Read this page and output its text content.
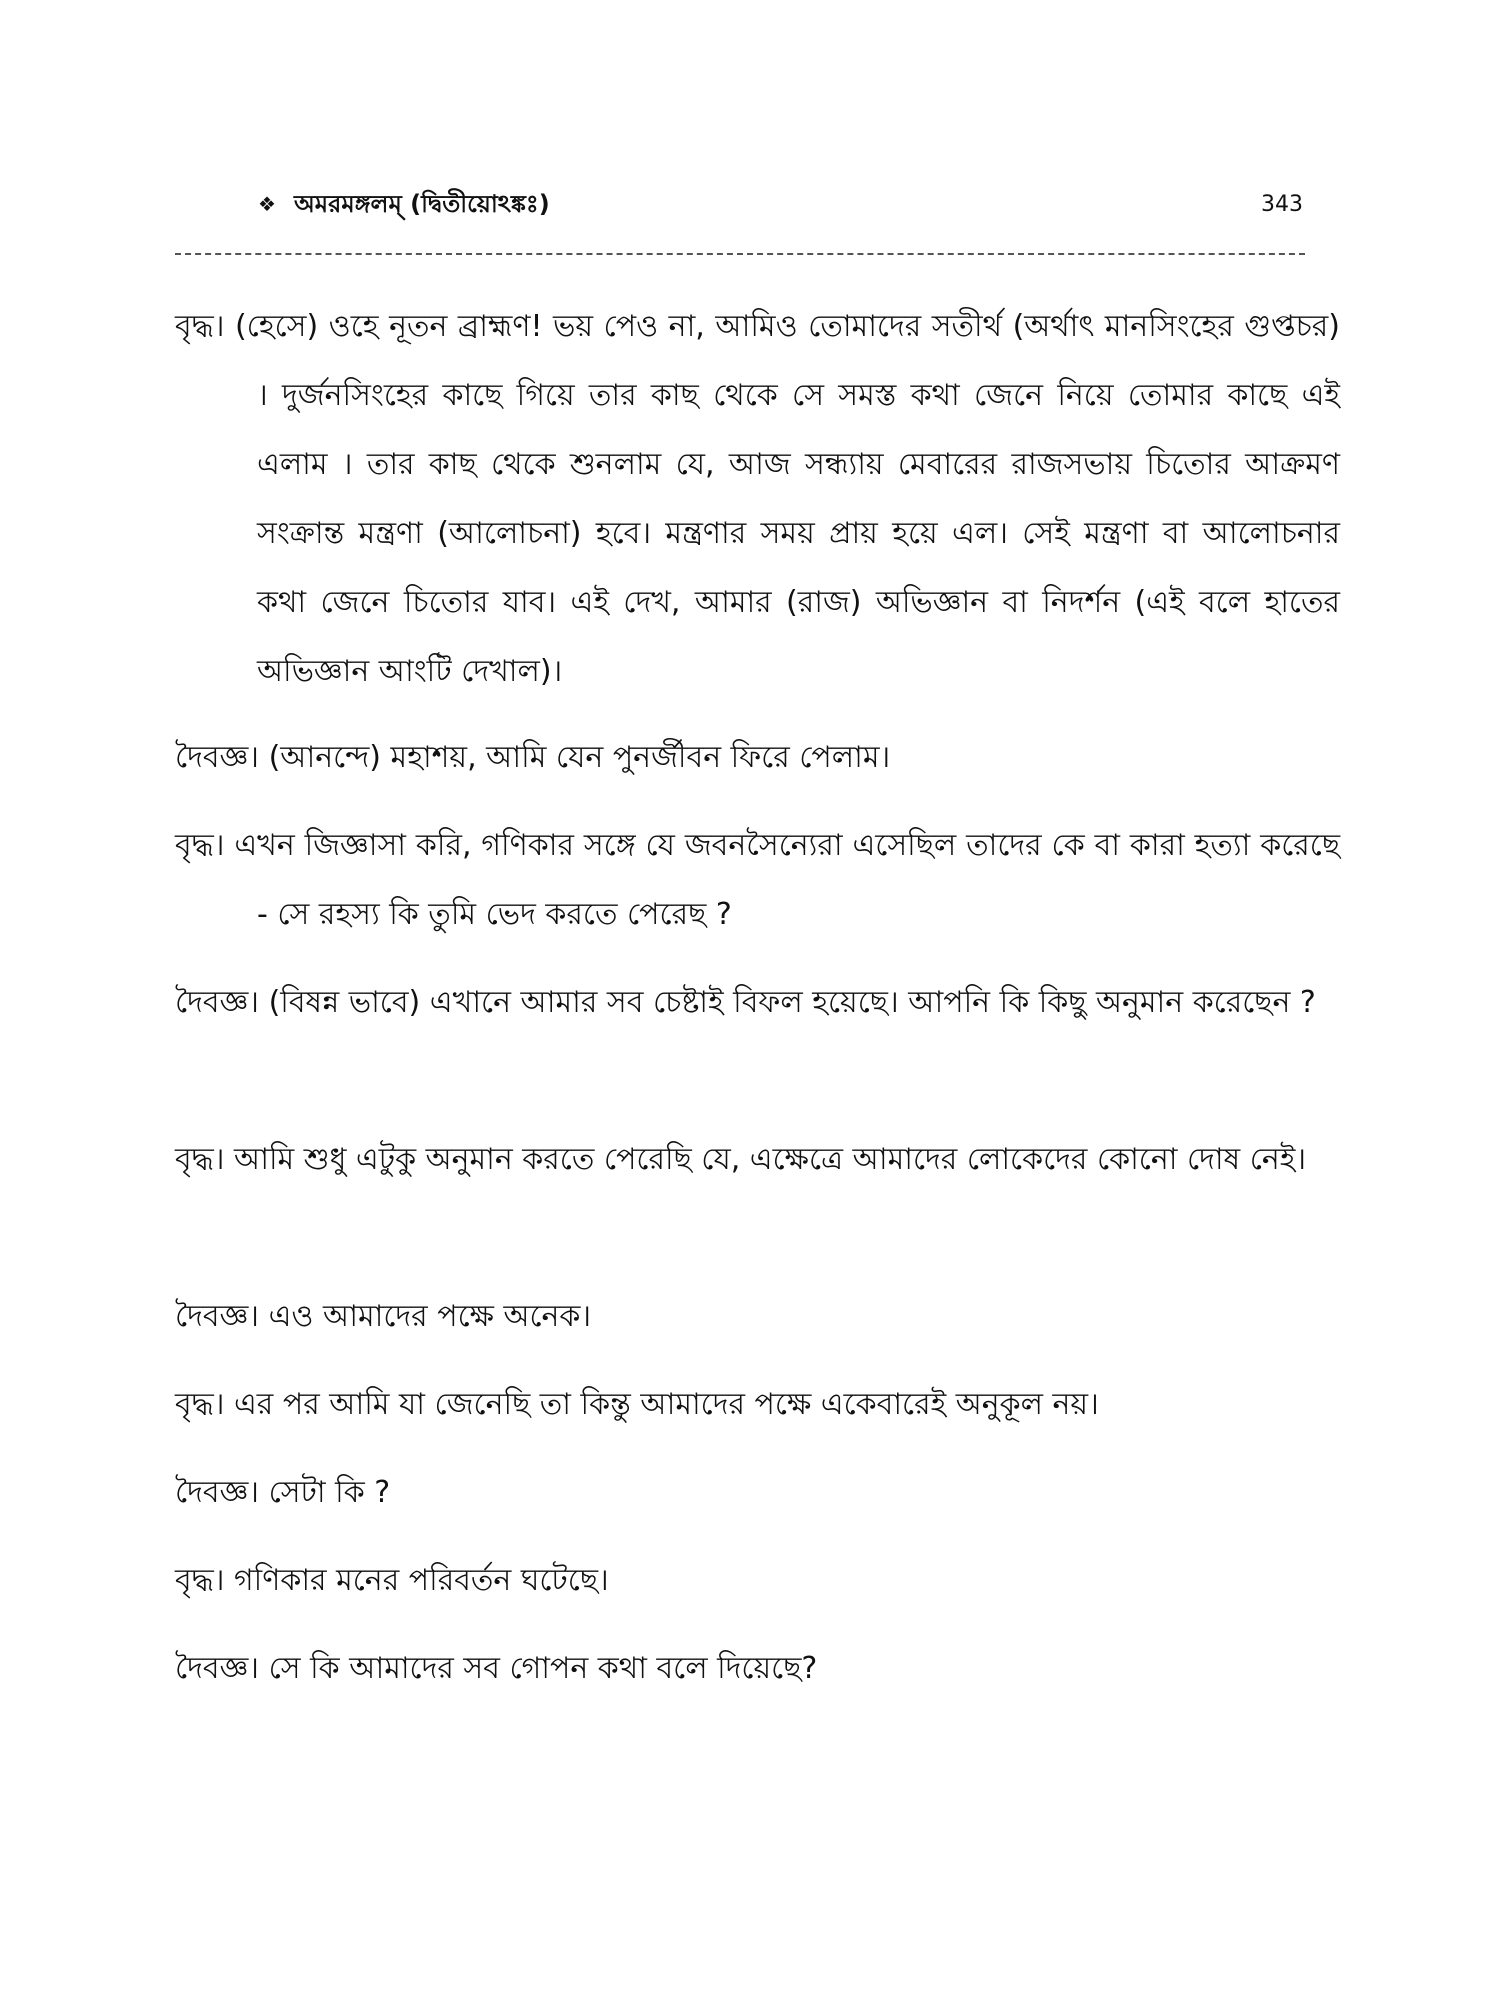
❖ অমরমঙ্গলম্ (দ্বিতীয়োঽঙ্কঃ)	343

বৃদ্ধ। (হেসে) ওহে নূতন ব্রাহ্মণ! ভয় পেও না, আমিও তোমাদের সতীর্থ (অর্থাৎ মানসিংহের গুপ্তচর) । দুর্জনসিংহের কাছে গিয়ে তার কাছ থেকে সে সমস্ত কথা জেনে নিয়ে তোমার কাছে এই এলাম । তার কাছ থেকে শুনলাম যে, আজ সন্ধ্যায় মেবারের রাজসভায় চিতোর আক্রমণ সংক্রান্ত মন্ত্রণা (আলোচনা) হবে। মন্ত্রণার সময় প্রায় হয়ে এল। সেই মন্ত্রণা বা আলোচনার কথা জেনে চিতোর যাব। এই দেখ, আমার (রাজ) অভিজ্ঞান বা নিদর্শন (এই বলে হাতের অভিজ্ঞান আংটি দেখাল)।

দৈবজ্ঞ। (আনন্দে) মহাশয়, আমি যেন পুনর্জীবন ফিরে পেলাম।

বৃদ্ধ। এখন জিজ্ঞাসা করি, গণিকার সঙ্গে যে জবনসৈন্যেরা এসেছিল তাদের কে বা কারা হত্যা করেছে - সে রহস্য কি তুমি ভেদ করতে পেরেছ ?

দৈবজ্ঞ। (বিষন্ন ভাবে) এখানে আমার সব চেষ্টাই বিফল হয়েছে। আপনি কি কিছু অনুমান করেছেন ?

বৃদ্ধ। আমি শুধু এটুকু অনুমান করতে পেরেছি যে, এক্ষেত্রে আমাদের লোকেদের কোনো দোষ নেই।

দৈবজ্ঞ। এও আমাদের পক্ষে অনেক।

বৃদ্ধ। এর পর আমি যা জেনেছি তা কিন্তু আমাদের পক্ষে একেবারেই অনুকূল নয়।

দৈবজ্ঞ। সেটা কি ?

বৃদ্ধ। গণিকার মনের পরিবর্তন ঘটেছে।

দৈবজ্ঞ। সে কি আমাদের সব গোপন কথা বলে দিয়েছে?
